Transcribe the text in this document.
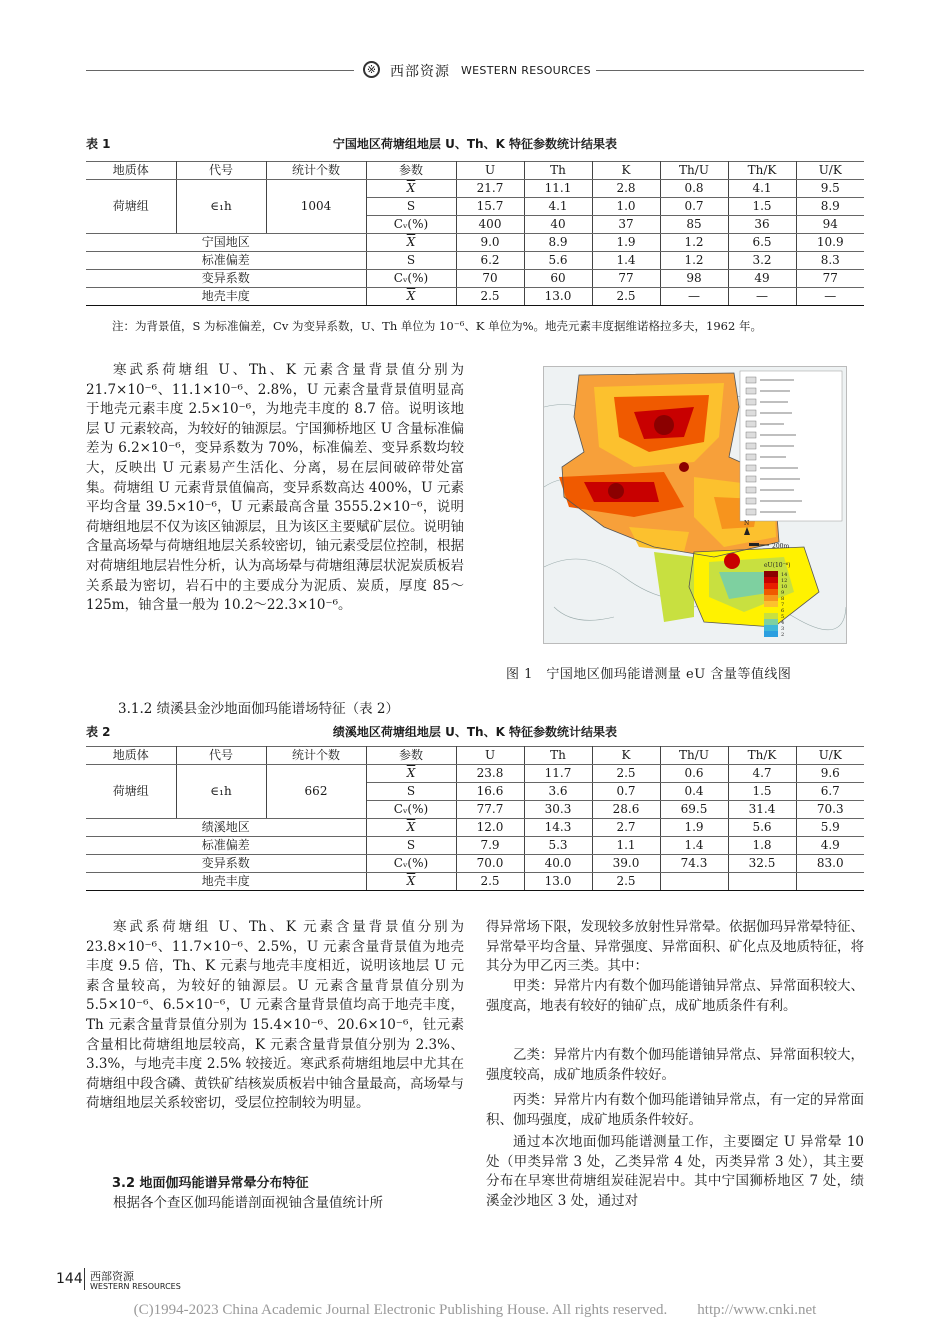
※ 西部资源 WESTERN RESOURCES
表 1	宁国地区荷塘组地层 U、Th、K 特征参数统计结果表
地质体	代号	统计个数	参数	U	Th	K	Th/U	Th/K	U/K
荷塘组	∈₁h	1004	$\overline{X}$	21.7	11.1	2.8	0.8	4.1	9.5
			S	15.7	4.1	1.0	0.7	1.5	8.9
			Cᵥ(%)	400	40	37	85	36	94
宁国地区			$\overline{X}$	9.0	8.9	1.9	1.2	6.5	10.9
标准偏差			S	6.2	5.6	1.4	1.2	3.2	8.3
变异系数			Cᵥ(%)	70	60	77	98	49	77
地壳丰度			$\overline{X}$	2.5	13.0	2.5	—	—	—
注：为背景值，S 为标准偏差，Cv 为变异系数，U、Th 单位为 10⁻⁶、K 单位为%。地壳元素丰度据维诺格拉多夫，1962 年。

寒武系荷塘组 U、Th、K 元素含量背景值分别为 21.7×10⁻⁶、11.1×10⁻⁶、2.8%，U 元素含量背景值明显高于地壳元素丰度 2.5×10⁻⁶，为地壳丰度的 8.7 倍。说明该地层 U 元素较高，为较好的铀源层。宁国狮桥地区 U 含量标准偏差为 6.2×10⁻⁶，变异系数为 70%，标准偏差、变异系数均较大，反映出 U 元素易产生活化、分离，易在层间破碎带处富集。荷塘组 U 元素背景值偏高，变异系数高达 400%，U 元素平均含量 39.5×10⁻⁶，U 元素最高含量 3555.2×10⁻⁶，说明荷塘组地层不仅为该区铀源层，且为该区主要赋矿层位。说明铀含量高场晕与荷塘组地层关系较密切，铀元素受层位控制，根据对荷塘组地层岩性分析，认为高场晕与荷塘组薄层状泥炭质板岩关系最为密切，岩石中的主要成分为泥质、炭质，厚度 85～125m，铀含量一般为 10.2～22.3×10⁻⁶。

200m
N
eU(10⁻⁶)
14
12
10
9
8
7
6
5
4
3
2
图 1　宁国地区伽玛能谱测量 eU 含量等值线图
3.1.2 绩溪县金沙地面伽玛能谱场特征（表 2）
表 2	绩溪地区荷塘组地层 U、Th、K 特征参数统计结果表
地质体	代号	统计个数	参数	U	Th	K	Th/U	Th/K	U/K
荷塘组	∈₁h	662	$\overline{X}$	23.8	11.7	2.5	0.6	4.7	9.6
			S	16.6	3.6	0.7	0.4	1.5	6.7
			Cᵥ(%)	77.7	30.3	28.6	69.5	31.4	70.3
绩溪地区			$\overline{X}$	12.0	14.3	2.7	1.9	5.6	5.9
标准偏差			S	7.9	5.3	1.1	1.4	1.8	4.9
变异系数			Cᵥ(%)	70.0	40.0	39.0	74.3	32.5	83.0
地壳丰度			$\overline{X}$	2.5	13.0	2.5			

寒武系荷塘组 U、Th、K 元素含量背景值分别为 23.8×10⁻⁶、11.7×10⁻⁶、2.5%，U 元素含量背景值为地壳丰度 9.5 倍，Th、K 元素与地壳丰度相近，说明该地层 U 元素含量较高，为较好的铀源层。U 元素含量背景值分别为 5.5×10⁻⁶、6.5×10⁻⁶，U 元素含量背景值均高于地壳丰度，Th 元素含量背景值分别为 15.4×10⁻⁶、20.6×10⁻⁶，钍元素含量相比荷塘组地层较高，K 元素含量背景值分别为 2.3%、3.3%，与地壳丰度 2.5% 较接近。寒武系荷塘组地层中尤其在荷塘组中段含磷、黄铁矿结核炭质板岩中铀含量最高，高场晕与荷塘组地层关系较密切，受层位控制较为明显。

3.2 地面伽玛能谱异常晕分布特征

根据各个查区伽玛能谱剖面视铀含量值统计所

得异常场下限，发现较多放射性异常晕。依据伽玛异常晕特征、异常晕平均含量、异常强度、异常面积、矿化点及地质特征，将其分为甲乙丙三类。其中：

甲类：异常片内有数个伽玛能谱铀异常点、异常面积较大、强度高，地表有较好的铀矿点，成矿地质条件有利。

乙类：异常片内有数个伽玛能谱铀异常点、异常面积较大，强度较高，成矿地质条件较好。

丙类：异常片内有数个伽玛能谱铀异常点，有一定的异常面积、伽玛强度，成矿地质条件较好。

通过本次地面伽玛能谱测量工作，主要圈定 U 异常晕 10 处（甲类异常 3 处，乙类异常 4 处，丙类异常 3 处），其主要分布在早寒世荷塘组炭硅泥岩中。其中宁国狮桥地区 7 处，绩溪金沙地区 3 处，通过对

144 西部资源
WESTERN RESOURCES
(C)1994-2023 China Academic Journal Electronic Publishing House. All rights reserved.　　http://www.cnki.net
